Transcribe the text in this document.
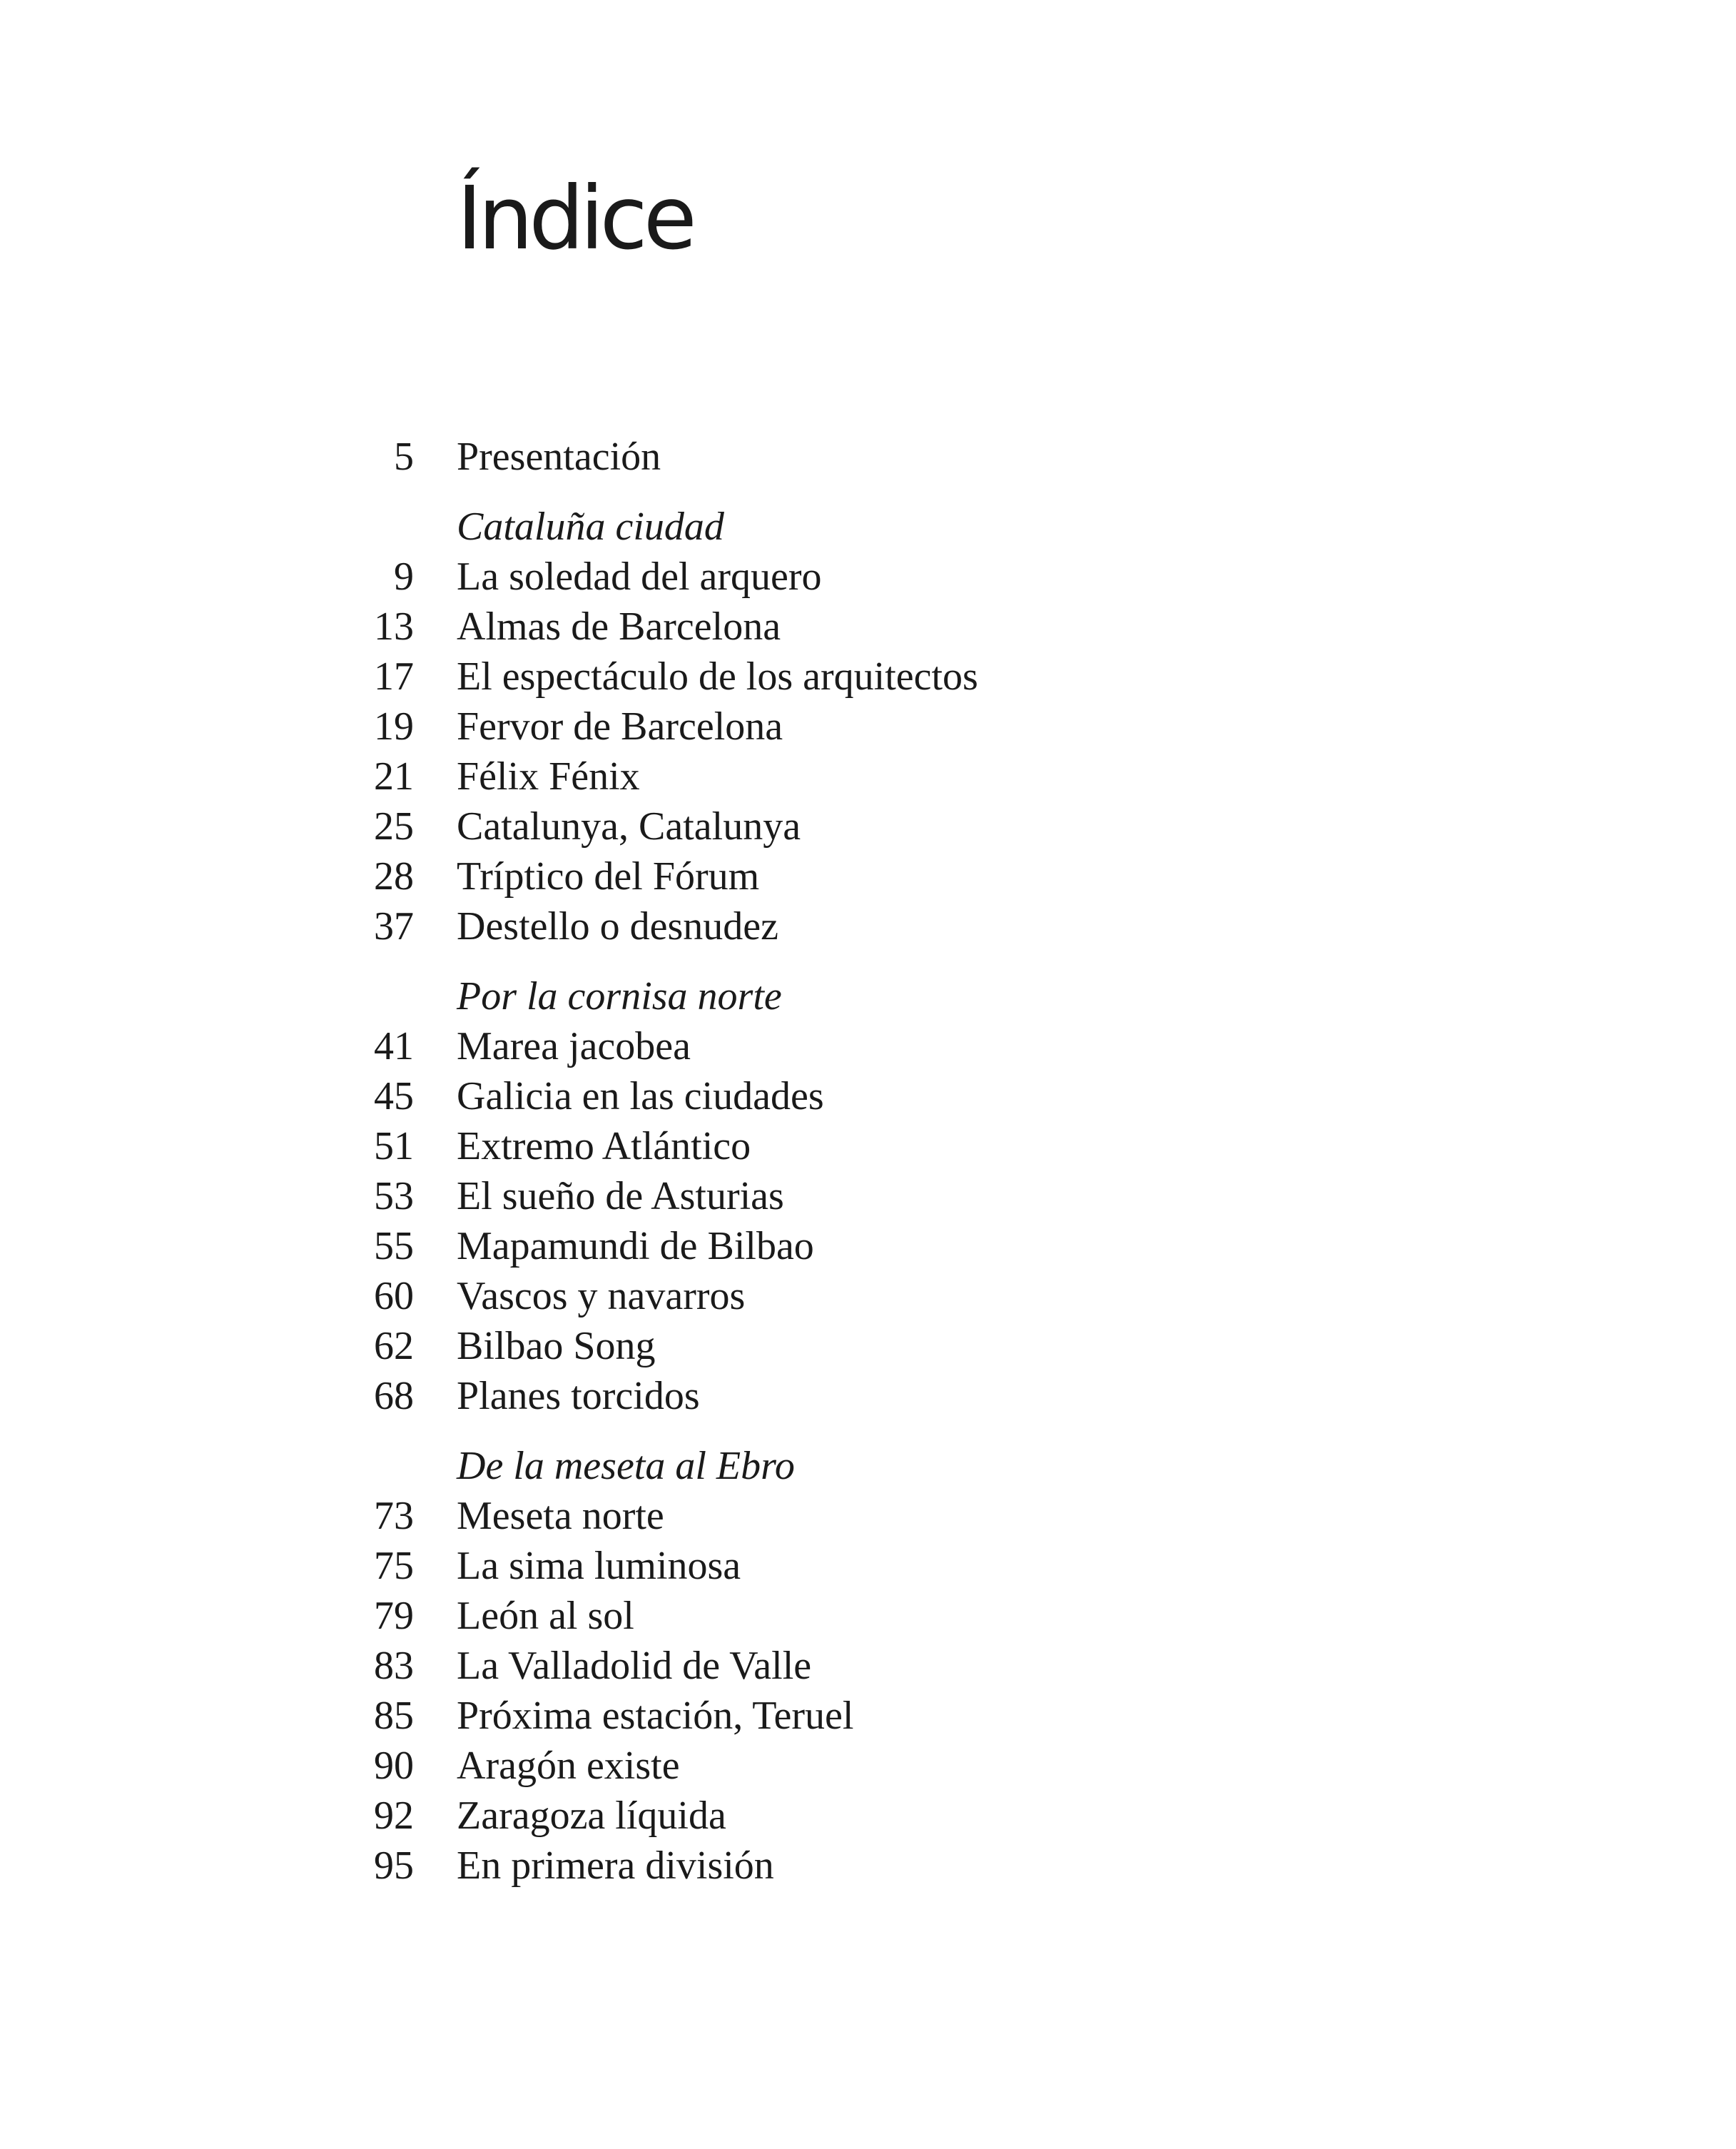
Índice
5 Presentación
Cataluña ciudad
9 La soledad del arquero
13 Almas de Barcelona
17 El espectáculo de los arquitectos
19 Fervor de Barcelona
21 Félix Fénix
25 Catalunya, Catalunya
28 Tríptico del Fórum
37 Destello o desnudez
Por la cornisa norte
41 Marea jacobea
45 Galicia en las ciudades
51 Extremo Atlántico
53 El sueño de Asturias
55 Mapamundi de Bilbao
60 Vascos y navarros
62 Bilbao Song
68 Planes torcidos
De la meseta al Ebro
73 Meseta norte
75 La sima luminosa
79 León al sol
83 La Valladolid de Valle
85 Próxima estación, Teruel
90 Aragón existe
92 Zaragoza líquida
95 En primera división
